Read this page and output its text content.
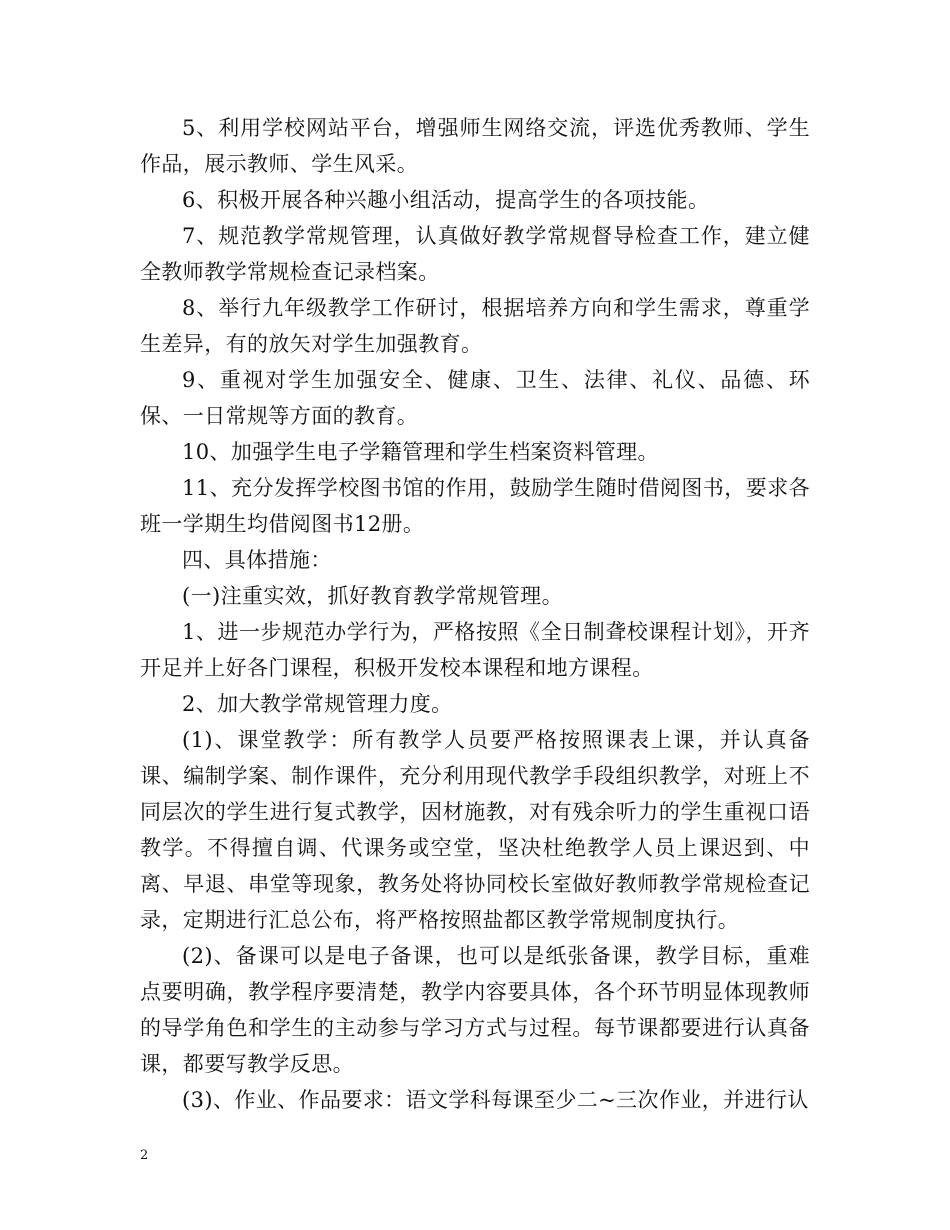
5、利用学校网站平台，增强师生网络交流，评选优秀教师、学生作品，展示教师、学生风采。

6、积极开展各种兴趣小组活动，提高学生的各项技能。

7、规范教学常规管理，认真做好教学常规督导检查工作，建立健全教师教学常规检查记录档案。

8、举行九年级教学工作研讨，根据培养方向和学生需求，尊重学生差异，有的放矢对学生加强教育。

9、重视对学生加强安全、健康、卫生、法律、礼仪、品德、环保、一日常规等方面的教育。

10、加强学生电子学籍管理和学生档案资料管理。

11、充分发挥学校图书馆的作用，鼓励学生随时借阅图书，要求各班一学期生均借阅图书12册。

四、具体措施：

(一)注重实效，抓好教育教学常规管理。

1、进一步规范办学行为，严格按照《全日制聋校课程计划》，开齐开足并上好各门课程，积极开发校本课程和地方课程。

2、加大教学常规管理力度。

(1)、课堂教学：所有教学人员要严格按照课表上课，并认真备课、编制学案、制作课件，充分利用现代教学手段组织教学，对班上不同层次的学生进行复式教学，因材施教，对有残余听力的学生重视口语教学。不得擅自调、代课务或空堂，坚决杜绝教学人员上课迟到、中离、早退、串堂等现象，教务处将协同校长室做好教师教学常规检查记录，定期进行汇总公布，将严格按照盐都区教学常规制度执行。

(2)、备课可以是电子备课，也可以是纸张备课，教学目标，重难点要明确，教学程序要清楚，教学内容要具体，各个环节明显体现教师的导学角色和学生的主动参与学习方式与过程。每节课都要进行认真备课，都要写教学反思。

(3)、作业、作品要求：语文学科每课至少二~三次作业，并进行认

2
